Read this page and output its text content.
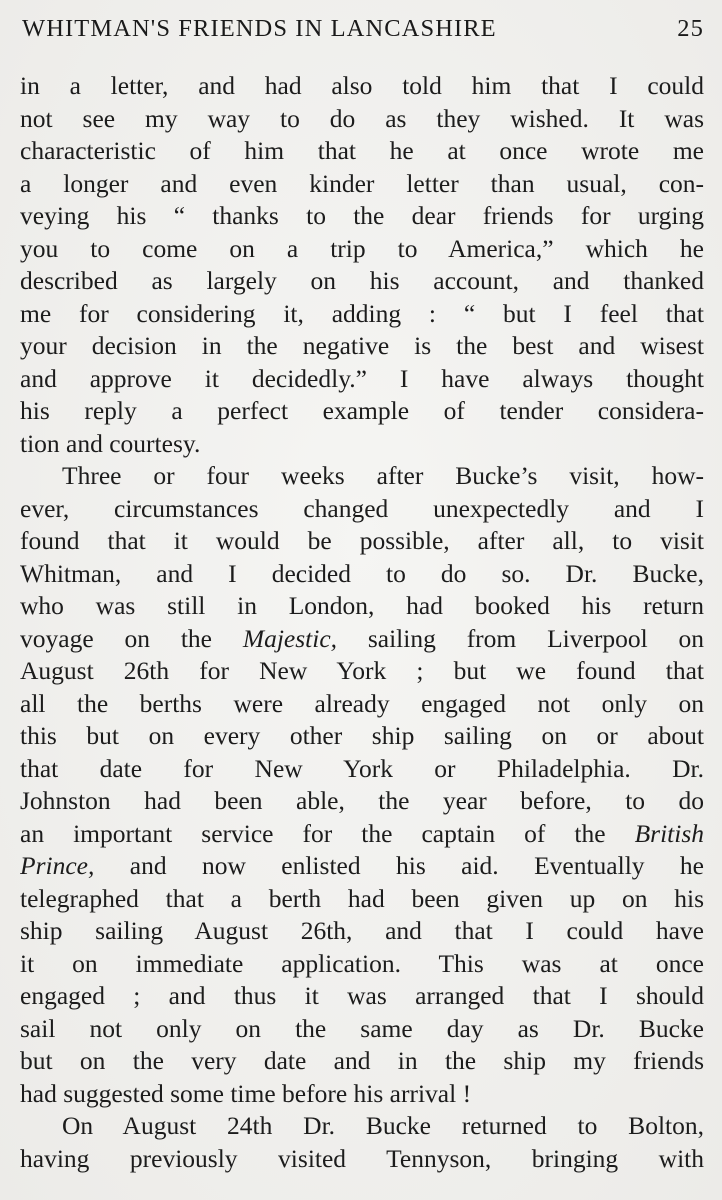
WHITMAN'S FRIENDS IN LANCASHIRE	25
in a letter, and had also told him that I could
not see my way to do as they wished. It was
characteristic of him that he at once wrote me
a longer and even kinder letter than usual, con-
veying his “ thanks to the dear friends for urging
you to come on a trip to America,” which he
described as largely on his account, and thanked
me for considering it, adding : “ but I feel that
your decision in the negative is the best and wisest
and approve it decidedly.” I have always thought
his reply a perfect example of tender considera-
tion and courtesy.
Three or four weeks after Bucke’s visit, how-
ever, circumstances changed unexpectedly and I
found that it would be possible, after all, to visit
Whitman, and I decided to do so. Dr. Bucke,
who was still in London, had booked his return
voyage on the Majestic, sailing from Liverpool on
August 26th for New York ; but we found that
all the berths were already engaged not only on
this but on every other ship sailing on or about
that date for New York or Philadelphia. Dr.
Johnston had been able, the year before, to do
an important service for the captain of the British
Prince, and now enlisted his aid. Eventually he
telegraphed that a berth had been given up on his
ship sailing August 26th, and that I could have
it on immediate application. This was at once
engaged ; and thus it was arranged that I should
sail not only on the same day as Dr. Bucke
but on the very date and in the ship my friends
had suggested some time before his arrival !
On August 24th Dr. Bucke returned to Bolton,
having previously visited Tennyson, bringing with
